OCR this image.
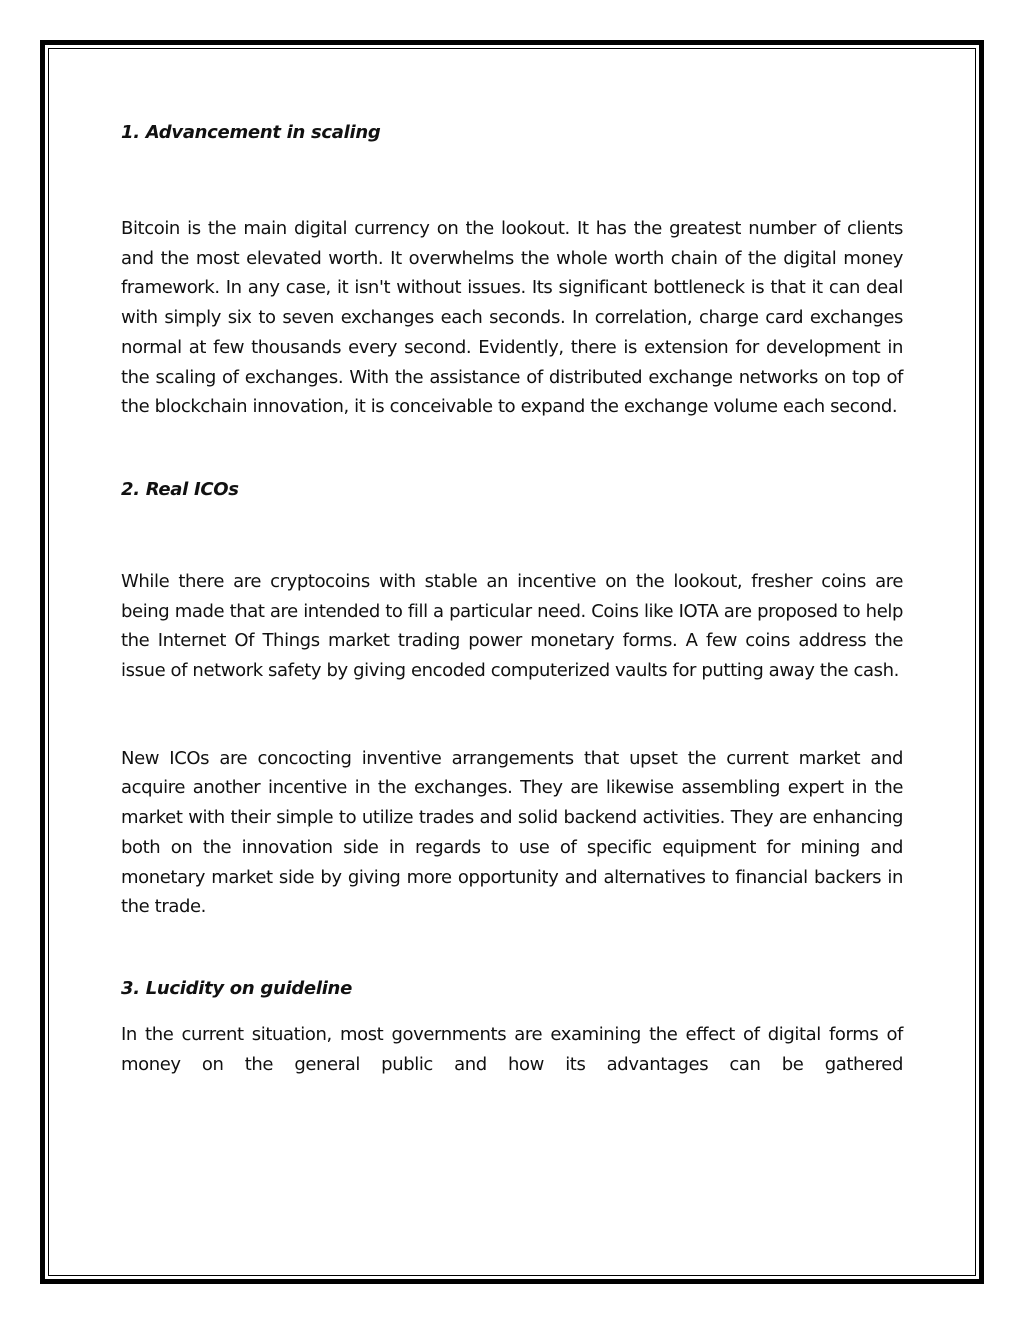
1. Advancement in scaling

Bitcoin is the main digital currency on the lookout. It has the greatest number of clients and the most elevated worth. It overwhelms the whole worth chain of the digital money framework. In any case, it isn't without issues. Its significant bottleneck is that it can deal with simply six to seven exchanges each seconds. In correlation, charge card exchanges normal at few thousands every second. Evidently, there is extension for development in the scaling of exchanges. With the assistance of distributed exchange networks on top of the blockchain innovation, it is conceivable to expand the exchange volume each second.

2. Real ICOs

While there are cryptocoins with stable an incentive on the lookout, fresher coins are being made that are intended to fill a particular need. Coins like IOTA are proposed to help the Internet Of Things market trading power monetary forms. A few coins address the issue of network safety by giving encoded computerized vaults for putting away the cash.

New ICOs are concocting inventive arrangements that upset the current market and acquire another incentive in the exchanges. They are likewise assembling expert in the market with their simple to utilize trades and solid backend activities. They are enhancing both on the innovation side in regards to use of specific equipment for mining and monetary market side by giving more opportunity and alternatives to financial backers in the trade.

3. Lucidity on guideline

In the current situation, most governments are examining the effect of digital forms of money on the general public and how its advantages can be gathered
